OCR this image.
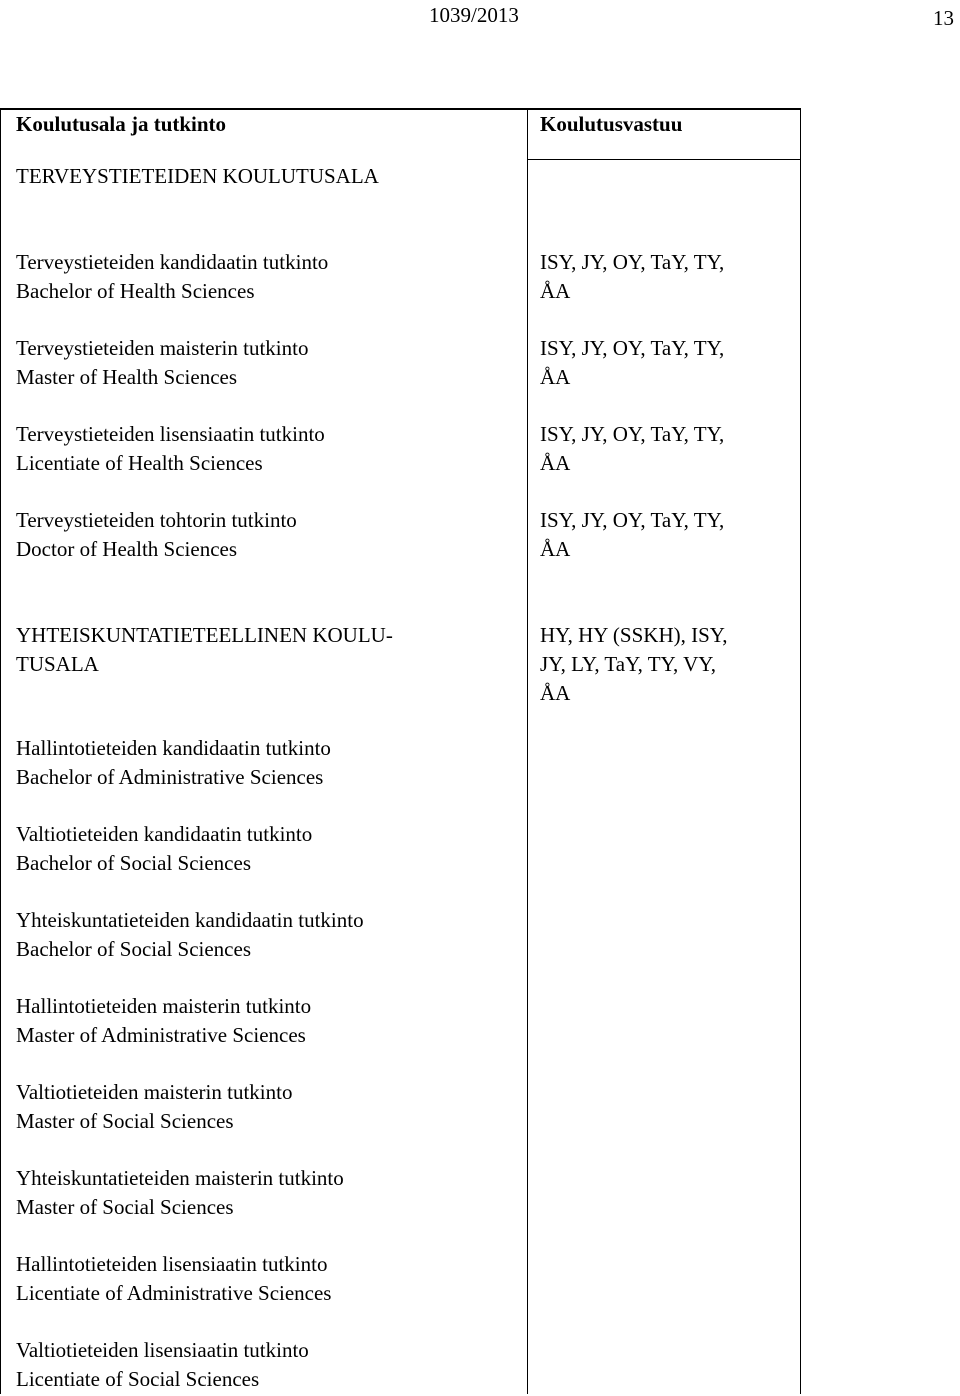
1039/2013	13
Koulutusala ja tutkinto	Koulutusvastuu
TERVEYSTIETEIDEN KOULUTUSALA
Terveystieteiden kandidaatin tutkinto
Bachelor of Health Sciences
ISY, JY, OY, TaY, TY,
ÅA
Terveystieteiden maisterin tutkinto
Master of Health Sciences
ISY, JY, OY, TaY, TY,
ÅA
Terveystieteiden lisensiaatin tutkinto
Licentiate of Health Sciences
ISY, JY, OY, TaY, TY,
ÅA
Terveystieteiden tohtorin tutkinto
Doctor of Health Sciences
ISY, JY, OY, TaY, TY,
ÅA
YHTEISKUNTATIETEELLINEN KOULU-
TUSALA
HY, HY (SSKH), ISY,
JY, LY, TaY, TY, VY,
ÅA
Hallintotieteiden kandidaatin tutkinto
Bachelor of Administrative Sciences
Valtiotieteiden kandidaatin tutkinto
Bachelor of Social Sciences
Yhteiskuntatieteiden kandidaatin tutkinto
Bachelor of Social Sciences
Hallintotieteiden maisterin tutkinto
Master of Administrative Sciences
Valtiotieteiden maisterin tutkinto
Master of Social Sciences
Yhteiskuntatieteiden maisterin tutkinto
Master of Social Sciences
Hallintotieteiden lisensiaatin tutkinto
Licentiate of Administrative Sciences
Valtiotieteiden lisensiaatin tutkinto
Licentiate of Social Sciences
